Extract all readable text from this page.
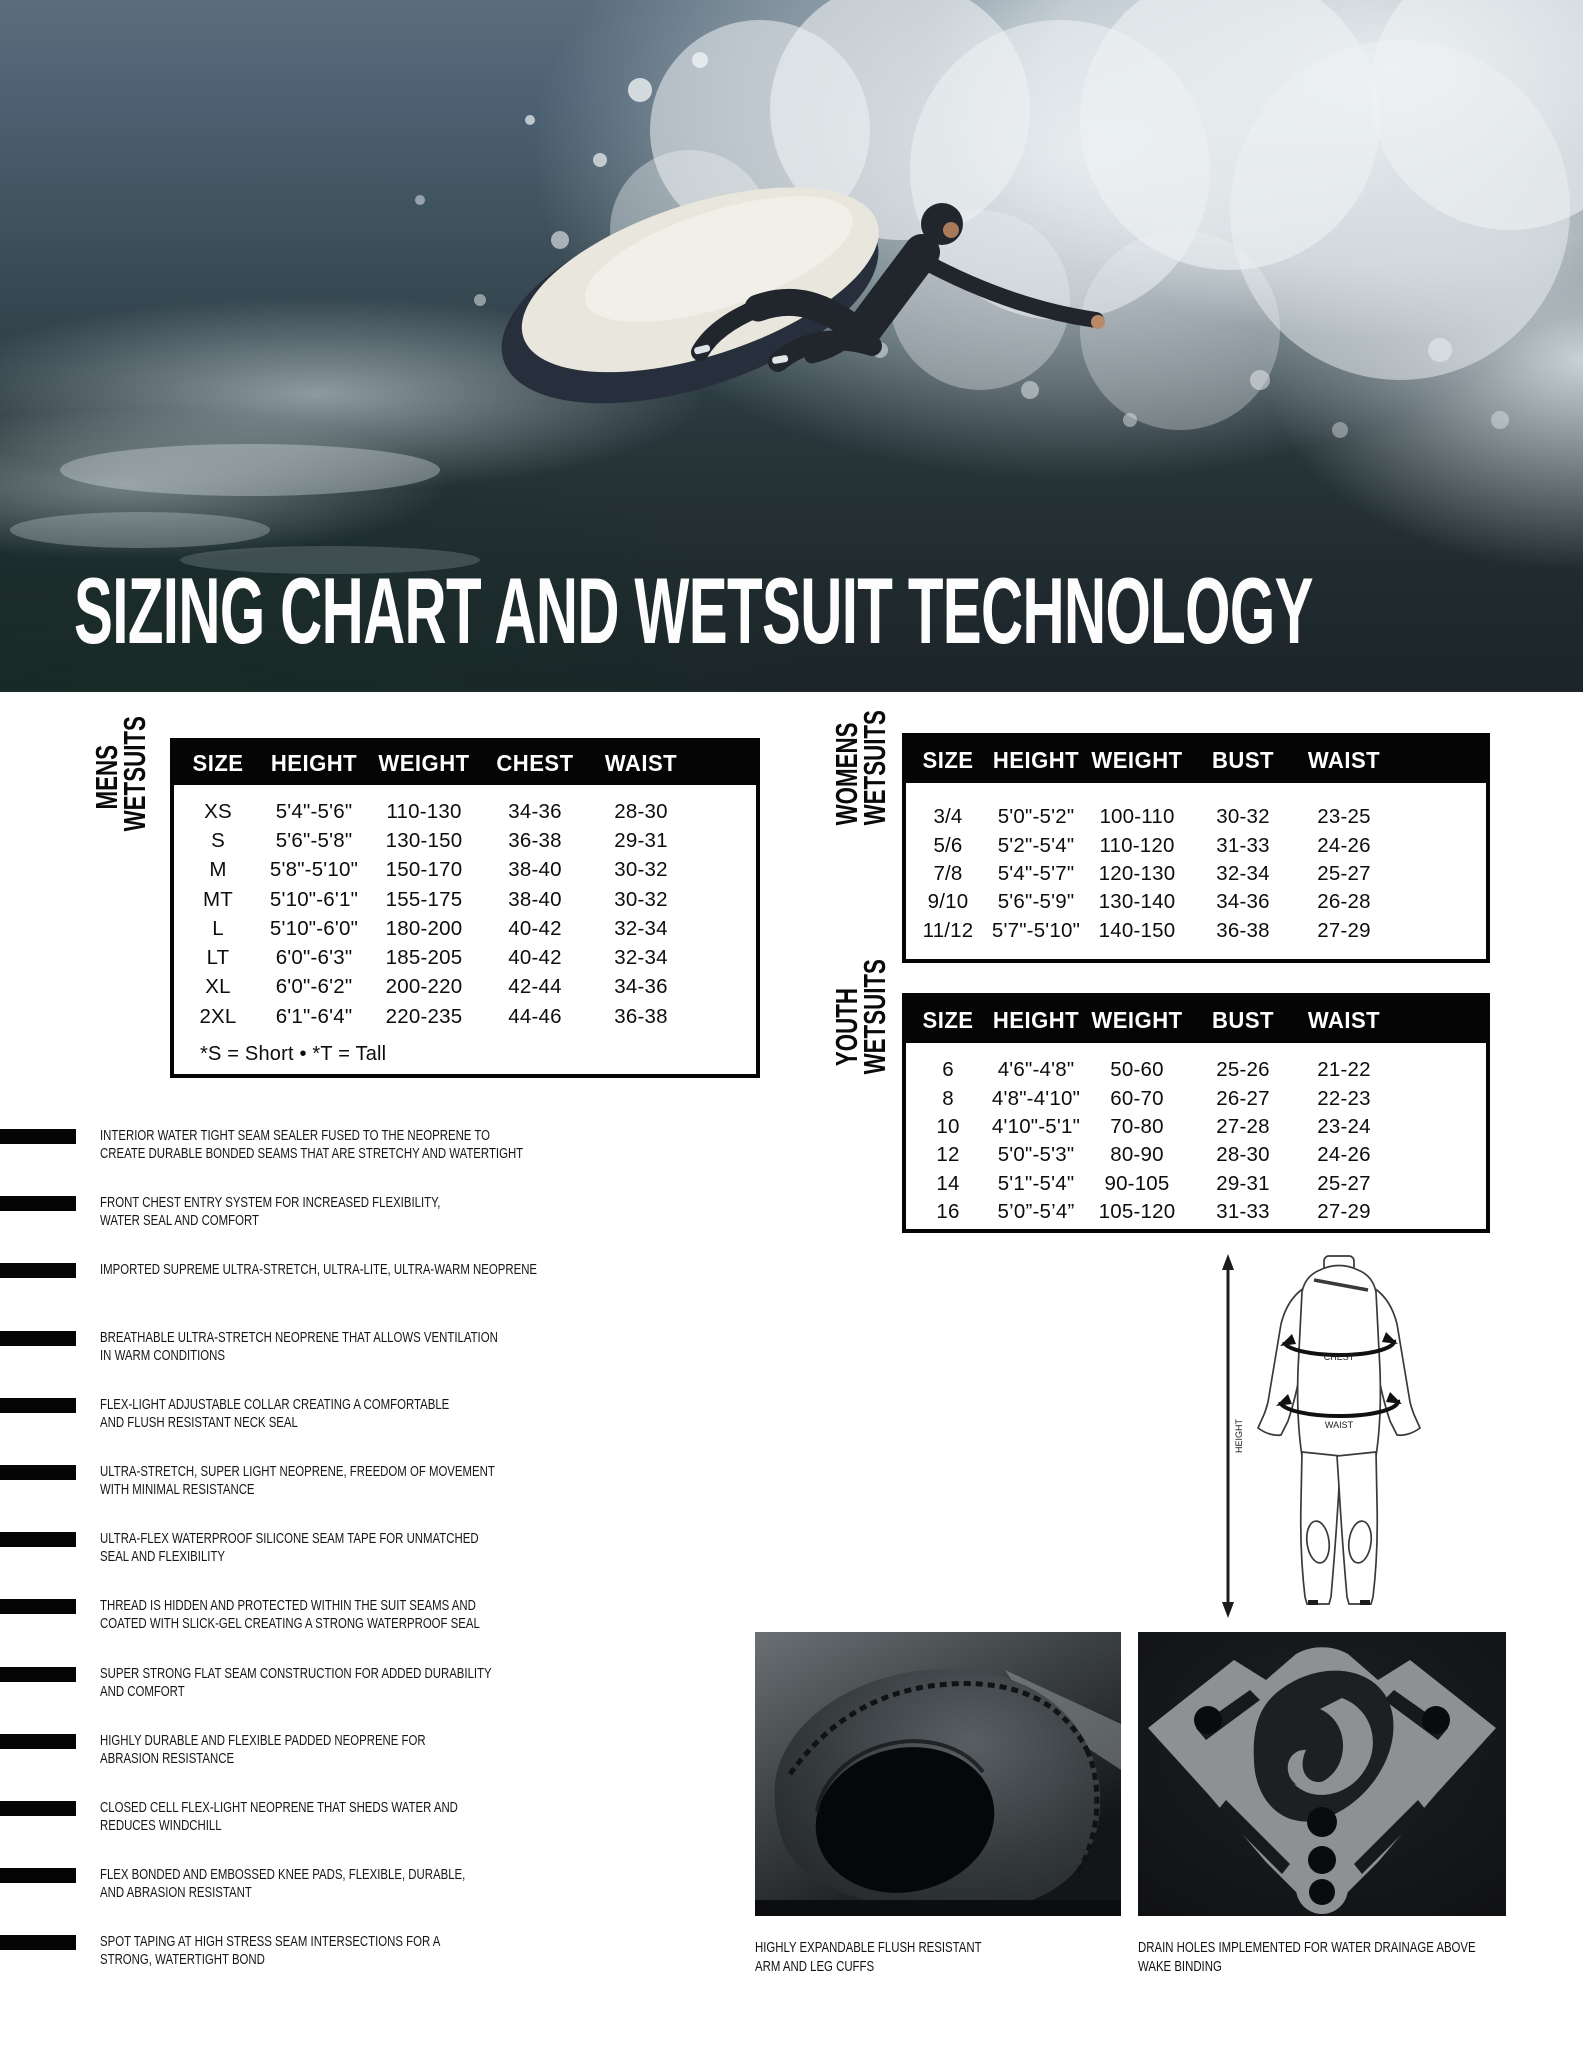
SIZING CHART AND WETSUIT TECHNOLOGY
MENS
WETSUITS	SIZE	HEIGHT WEIGHT	CHEST	WAIST
XS	5'4"-5'6"	110-130	34-36	28-30
S	5'6"-5'8"	130-150	36-38	29-31
M	5'8"-5'10"	150-170	38-40	30-32
MT	5'10"-6'1"	155-175	38-40	30-32
L	5'10"-6'0"	180-200	40-42	32-34
LT	6'0"-6'3"	185-205	40-42	32-34
XL	6'0"-6'2"	200-220	42-44	34-36
2XL	6'1"-6'4"	220-235	44-46	36-38
*S = Short • *T = Tall
WOMENS
WETSUITS	SIZE HEIGHT WEIGHT	BUST	WAIST
3/4	5'0"-5'2"	100-110	30-32	23-25
5/6	5'2"-5'4"	110-120	31-33	24-26
7/8	5'4"-5'7"	120-130	32-34	25-27
9/10	5'6"-5'9"	130-140	34-36	26-28
11/12 5'7"-5'10" 140-150	36-38	27-29
YOUTH
WETSUITS	SIZE HEIGHT WEIGHT	BUST	WAIST
6	4'6"-4'8"	50-60	25-26	21-22
8	4'8"-4'10"	60-70	26-27	22-23
10	4'10"-5'1"	70-80	27-28	23-24
12	5'0"-5'3"	80-90	28-30	24-26
14	5'1"-5'4"	90-105	29-31	25-27
16	5’0”-5’4”	105-120	31-33	27-29
INTERIOR WATER TIGHT SEAM SEALER FUSED TO THE NEOPRENE TO
CREATE DURABLE BONDED SEAMS THAT ARE STRETCHY AND WATERTIGHT
FRONT CHEST ENTRY SYSTEM FOR INCREASED FLEXIBILITY,
WATER SEAL AND COMFORT
IMPORTED SUPREME ULTRA-STRETCH, ULTRA-LITE, ULTRA-WARM NEOPRENE
BREATHABLE ULTRA-STRETCH NEOPRENE THAT ALLOWS VENTILATION
IN WARM CONDITIONS
FLEX-LIGHT ADJUSTABLE COLLAR CREATING A COMFORTABLE
AND FLUSH RESISTANT NECK SEAL
ULTRA-STRETCH, SUPER LIGHT NEOPRENE, FREEDOM OF MOVEMENT
WITH MINIMAL RESISTANCE
ULTRA-FLEX WATERPROOF SILICONE SEAM TAPE FOR UNMATCHED
SEAL AND FLEXIBILITY
THREAD IS HIDDEN AND PROTECTED WITHIN THE SUIT SEAMS AND
COATED WITH SLICK-GEL CREATING A STRONG WATERPROOF SEAL
SUPER STRONG FLAT SEAM CONSTRUCTION FOR ADDED DURABILITY
AND COMFORT
HIGHLY DURABLE AND FLEXIBLE PADDED NEOPRENE FOR
ABRASION RESISTANCE
CLOSED CELL FLEX-LIGHT NEOPRENE THAT SHEDS WATER AND
REDUCES WINDCHILL
FLEX BONDED AND EMBOSSED KNEE PADS, FLEXIBLE, DURABLE,
AND ABRASION RESISTANT
SPOT TAPING AT HIGH STRESS SEAM INTERSECTIONS FOR A
STRONG, WATERTIGHT BOND
HEIGHT
CHEST
WAIST
HIGHLY EXPANDABLE FLUSH RESISTANT
ARM AND LEG CUFFS
DRAIN HOLES IMPLEMENTED FOR WATER DRAINAGE ABOVE
WAKE BINDING
